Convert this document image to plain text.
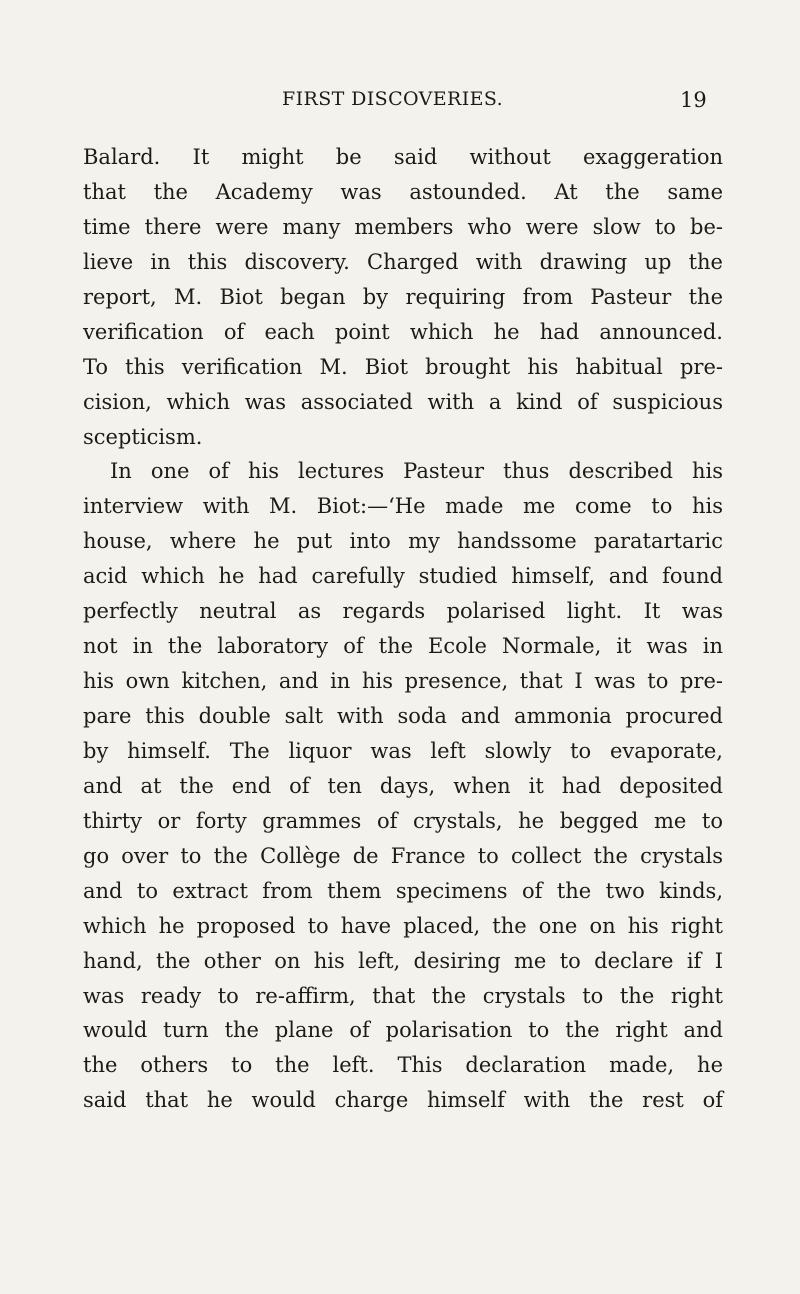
FIRST DISCOVERIES.	19
Balard. It might be said without exaggeration
that the Academy was astounded. At the same
time there were many members who were slow to be-
lieve in this discovery. Charged with drawing up the
report, M. Biot began by requiring from Pasteur the
verification of each point which he had announced.
To this verification M. Biot brought his habitual pre-
cision, which was associated with a kind of suspicious
scepticism.
In one of his lectures Pasteur thus described his
interview with M. Biot:—‘He made me come to his
house, where he put into my handssome paratartaric
acid which he had carefully studied himself, and found
perfectly neutral as regards polarised light. It was
not in the laboratory of the Ecole Normale, it was in
his own kitchen, and in his presence, that I was to pre-
pare this double salt with soda and ammonia procured
by himself. The liquor was left slowly to evaporate,
and at the end of ten days, when it had deposited
thirty or forty grammes of crystals, he begged me to
go over to the Collège de France to collect the crystals
and to extract from them specimens of the two kinds,
which he proposed to have placed, the one on his right
hand, the other on his left, desiring me to declare if I
was ready to re-affirm, that the crystals to the right
would turn the plane of polarisation to the right and
the others to the left. This declaration made, he
said that he would charge himself with the rest of
